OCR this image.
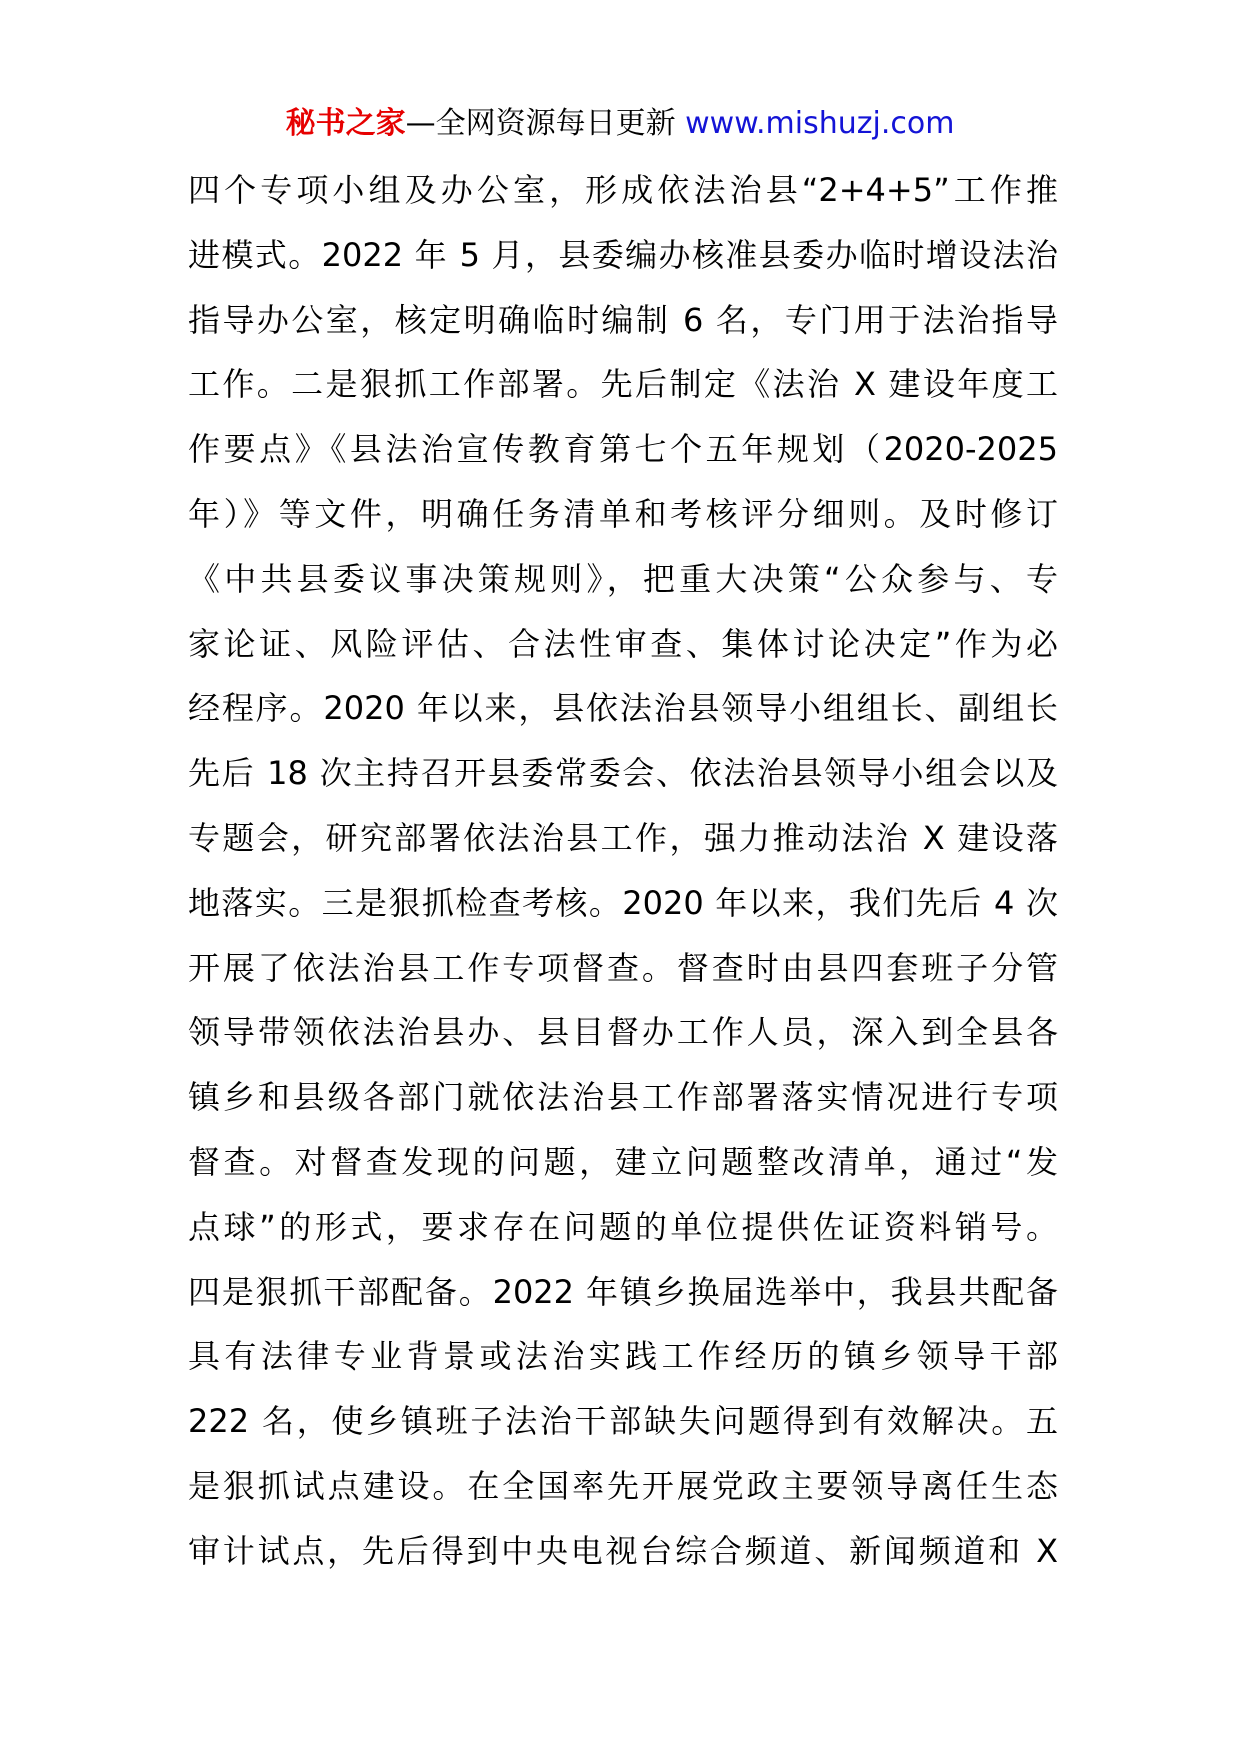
秘书之家—全网资源每日更新 www.mishuzj.com
四个专项小组及办公室，形成依法治县“2+4+5”工作推
进模式。2022 年 5 月，县委编办核准县委办临时增设法治
指导办公室，核定明确临时编制 6 名，专门用于法治指导
工作。二是狠抓工作部署。先后制定《法治 X 建设年度工
作要点》《县法治宣传教育第七个五年规划（2020-2025
年）》等文件，明确任务清单和考核评分细则。及时修订
《中共县委议事决策规则》，把重大决策“公众参与、专
家论证、风险评估、合法性审查、集体讨论决定”作为必
经程序。2020 年以来，县依法治县领导小组组长、副组长
先后 18 次主持召开县委常委会、依法治县领导小组会以及
专题会，研究部署依法治县工作，强力推动法治 X 建设落
地落实。三是狠抓检查考核。2020 年以来，我们先后 4 次
开展了依法治县工作专项督查。督查时由县四套班子分管
领导带领依法治县办、县目督办工作人员，深入到全县各
镇乡和县级各部门就依法治县工作部署落实情况进行专项
督查。对督查发现的问题，建立问题整改清单，通过“发
点球”的形式，要求存在问题的单位提供佐证资料销号。
四是狠抓干部配备。2022 年镇乡换届选举中，我县共配备
具有法律专业背景或法治实践工作经历的镇乡领导干部
222 名，使乡镇班子法治干部缺失问题得到有效解决。五
是狠抓试点建设。在全国率先开展党政主要领导离任生态
审计试点，先后得到中央电视台综合频道、新闻频道和 X
